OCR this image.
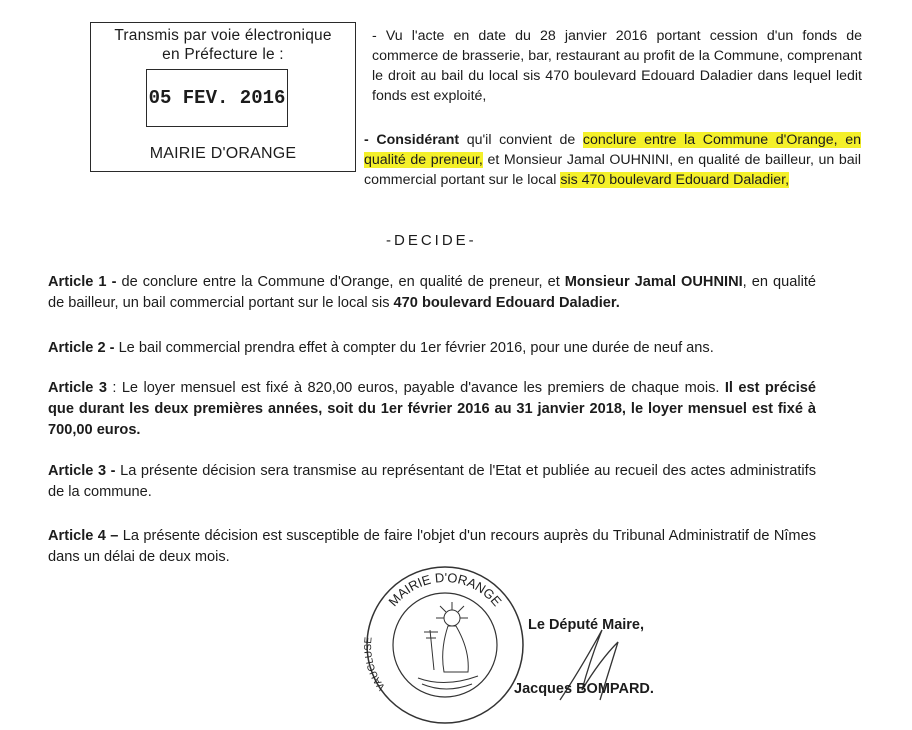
Transmis par voie électronique
en Préfecture le :
05 FEV. 2016
MAIRIE D'ORANGE
- Vu l'acte en date du 28 janvier 2016 portant cession d'un fonds de commerce de brasserie, bar, restaurant au profit de la Commune, comprenant le droit au bail du local sis 470 boulevard Edouard Daladier dans lequel ledit fonds est exploité,
- Considérant qu'il convient de conclure entre la Commune d'Orange, en qualité de preneur, et Monsieur Jamal OUHNINI, en qualité de bailleur, un bail commercial portant sur le local sis 470 boulevard Edouard Daladier,
-DECIDE-
Article 1 - de conclure entre la Commune d'Orange, en qualité de preneur, et Monsieur Jamal OUHNINI, en qualité de bailleur, un bail commercial portant sur le local sis 470 boulevard Edouard Daladier.
Article 2 - Le bail commercial prendra effet à compter du 1er février 2016, pour une durée de neuf ans.
Article 3 : Le loyer mensuel est fixé à 820,00 euros, payable d'avance les premiers de chaque mois. Il est précisé que durant les deux premières années, soit du 1er février 2016 au 31 janvier 2018, le loyer mensuel est fixé à 700,00 euros.
Article 3 - La présente décision sera transmise au représentant de l'Etat et publiée au recueil des actes administratifs de la commune.
Article 4 – La présente décision est susceptible de faire l'objet d'un recours auprès du Tribunal Administratif de Nîmes dans un délai de deux mois.
MAIRIE D'ORANGE
VAUCLUSE
Le Député Maire,
Jacques BOMPARD.
